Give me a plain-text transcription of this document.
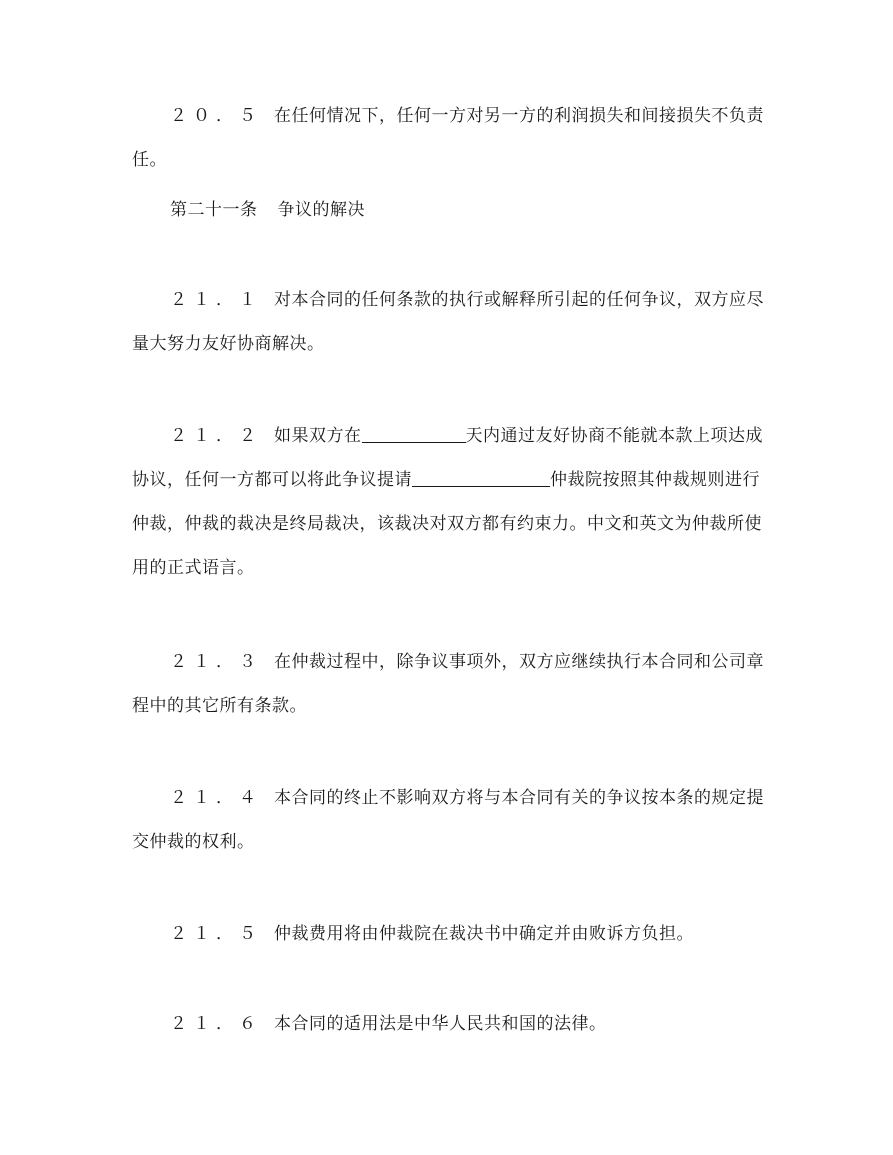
２０．５ 在任何情况下，任何一方对另一方的利润损失和间接损失不负责任。

第二十一条 争议的解决

２１．１ 对本合同的任何条款的执行或解释所引起的任何争议，双方应尽量大努力友好协商解决。

２１．２ 如果双方在	天内通过友好协商不能就本款上项达成协议，任何一方都可以将此争议提请	仲裁院按照其仲裁规则进行仲裁，仲裁的裁决是终局裁决，该裁决对双方都有约束力。中文和英文为仲裁所使用的正式语言。

２１．３ 在仲裁过程中，除争议事项外，双方应继续执行本合同和公司章程中的其它所有条款。

２１．４ 本合同的终止不影响双方将与本合同有关的争议按本条的规定提交仲裁的权利。

２１．５ 仲裁费用将由仲裁院在裁决书中确定并由败诉方负担。

２１．６ 本合同的适用法是中华人民共和国的法律。
